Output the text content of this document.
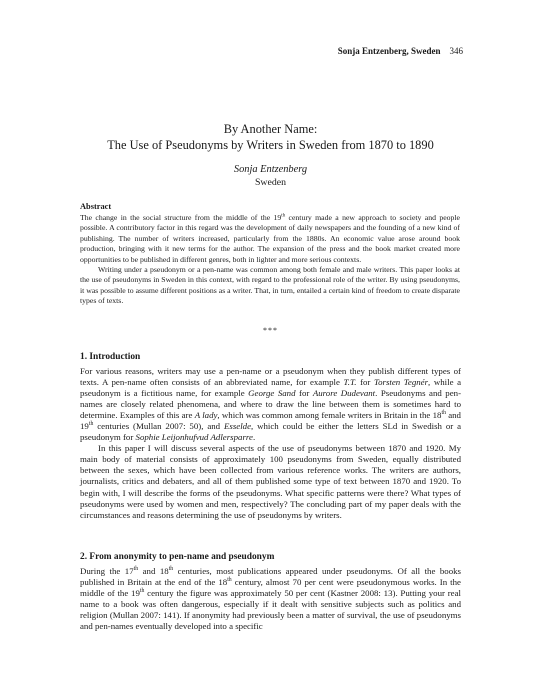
Sonja Entzenberg, Sweden 346
By Another Name:
The Use of Pseudonyms by Writers in Sweden from 1870 to 1890
Sonja Entzenberg
Sweden
Abstract

The change in the social structure from the middle of the 19th century made a new approach to society and people possible. A contributory factor in this regard was the development of daily newspapers and the founding of a new kind of publishing. The number of writers increased, particularly from the 1880s. An economic value arose around book production, bringing with it new terms for the author. The expansion of the press and the book market created more opportunities to be published in different genres, both in lighter and more serious contexts.

Writing under a pseudonym or a pen-name was common among both female and male writers. This paper looks at the use of pseudonyms in Sweden in this context, with regard to the professional role of the writer. By using pseudonyms, it was possible to assume different positions as a writer. That, in turn, entailed a certain kind of freedom to create disparate types of texts.

***
1. Introduction

For various reasons, writers may use a pen-name or a pseudonym when they publish different types of texts. A pen-name often consists of an abbreviated name, for example T.T. for Torsten Tegnér, while a pseudonym is a fictitious name, for example George Sand for Aurore Dudevant. Pseudonyms and pen-names are closely related phenomena, and where to draw the line between them is sometimes hard to determine. Examples of this are A lady, which was common among female writers in Britain in the 18th and 19th centuries (Mullan 2007: 50), and Esselde, which could be either the letters SLd in Swedish or a pseudonym for Sophie Leijonhufvud Adlersparre.

In this paper I will discuss several aspects of the use of pseudonyms between 1870 and 1920. My main body of material consists of approximately 100 pseudonyms from Sweden, equally distributed between the sexes, which have been collected from various reference works. The writers are authors, journalists, critics and debaters, and all of them published some type of text between 1870 and 1920. To begin with, I will describe the forms of the pseudonyms. What specific patterns were there? What types of pseudonyms were used by women and men, respectively? The concluding part of my paper deals with the circumstances and reasons determining the use of pseudonyms by writers.

2. From anonymity to pen-name and pseudonym

During the 17th and 18th centuries, most publications appeared under pseudonyms. Of all the books published in Britain at the end of the 18th century, almost 70 per cent were pseudonymous works. In the middle of the 19th century the figure was approximately 50 per cent (Kastner 2008: 13). Putting your real name to a book was often dangerous, especially if it dealt with sensitive subjects such as politics and religion (Mullan 2007: 141). If anonymity had previously been a matter of survival, the use of pseudonyms and pen-names eventually developed into a specific
